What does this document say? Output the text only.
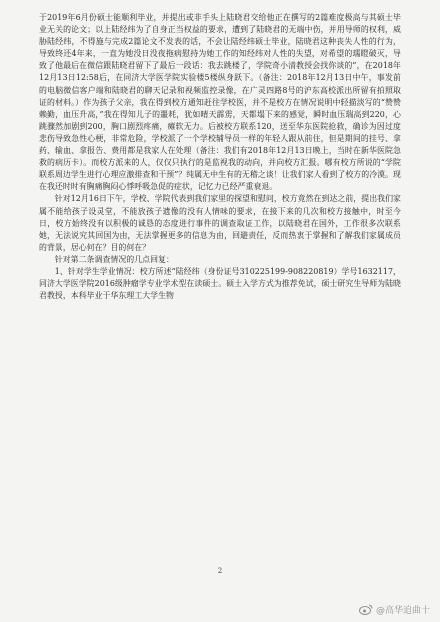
于2019年6月份硕士能顺利毕业，并提出或非手头上陆晓君交给他正在撰写的2篇难度极高与其硕士毕业无关的论文；以上陆经纬为了自身正当权益的要求，遭到了陆晓君的无端中伤，并用导师的权利，威胁陆经纬，不得施与完成2篇论文不发表的话，不会让陆经纬硕士毕业，陆晓君这种丧失人性的行为，导致终还4年来，一直为她没日没夜拖病慰持为她工作的知经纬对人性的失望，对希望的瓀瞪破灭，导致了他最后在微信跟陆晓君留下了最后一段话：我去跳楼了，学院奇小清教授会找你谈的”，在2018年12月13日12:58后，在同济大学医学院实验楼5楼纵身跃下。（备注：2018年12月13日中午，事发前的电脑微信客户端和陆晓君的聊天记录和视频监控录像，在广灵四路8号的沪东高校派出所留有拍照取证的材料。）作为孩子父亲，我在得到校方通知赶往学校医，并不是校方在情况说明中轻描淡写的“赞赞赖勤，血压升高，”我在得知儿子的噩耗，犹如晴天霹雳，天都塌下来的感觉，瞬时血压瑞高到220，心跳骤然加剧到200，胸口剧烈疼痛，瘫软无力。后被校方联系120，送至华东医院抢救，确诊为因过度悲伤导致急性心梗，非常危险，学校派了一个学校辅导员一样的年轻人跟从前住，但是期间的挂号、拿药、输血、拿报告、费用都是我家人在处理（备注：我们有2018年12月13日晚上，当时在新华医院急救的病历卡）。而校方派来的人，仅仅只执行的是监视我的动向，并向校方汇报。哪有校方所说的“学院联系周边学生进行心理应激排查和干预”？纯属无中生有的无稽之谈！让我们家人看到了校方的冷漠。现在我还时时有胸痛胸闷心悸呼吸急促的症状，记忆力已经严重衰退。

针对12月16日下午，学校、学院代表到我们家里的探望和慰问，校方竟然在到达之前，提出我们家属不能给孩子设灵堂，不能放孩子遗像的没有人情味的要求，在接下来的几次和校方接触中，时至今日，校方始终没有以积极的诚恳的态度进行事件的调查取证工作，以陆晓君在国外，工作很多次联系她，无法说究其回国为由，无法掌握更多的信息为由，回避责任，反而热衷于掌握和了解我们家属成员的背景，居心何在？目的何在？

针对第二条调查情况的几点回复：

1、针对学生学业情况：校方所述“陆经纬（身份证号310225199-908220819）学号1632117，同济大学医学院2016级肿瘤学专业学术型在读硕士。硕士入学方式为推荐免试，硕士研究生导师为陆晓君教授，本科毕业于华东理工大学生物

2
@高华追曲十
